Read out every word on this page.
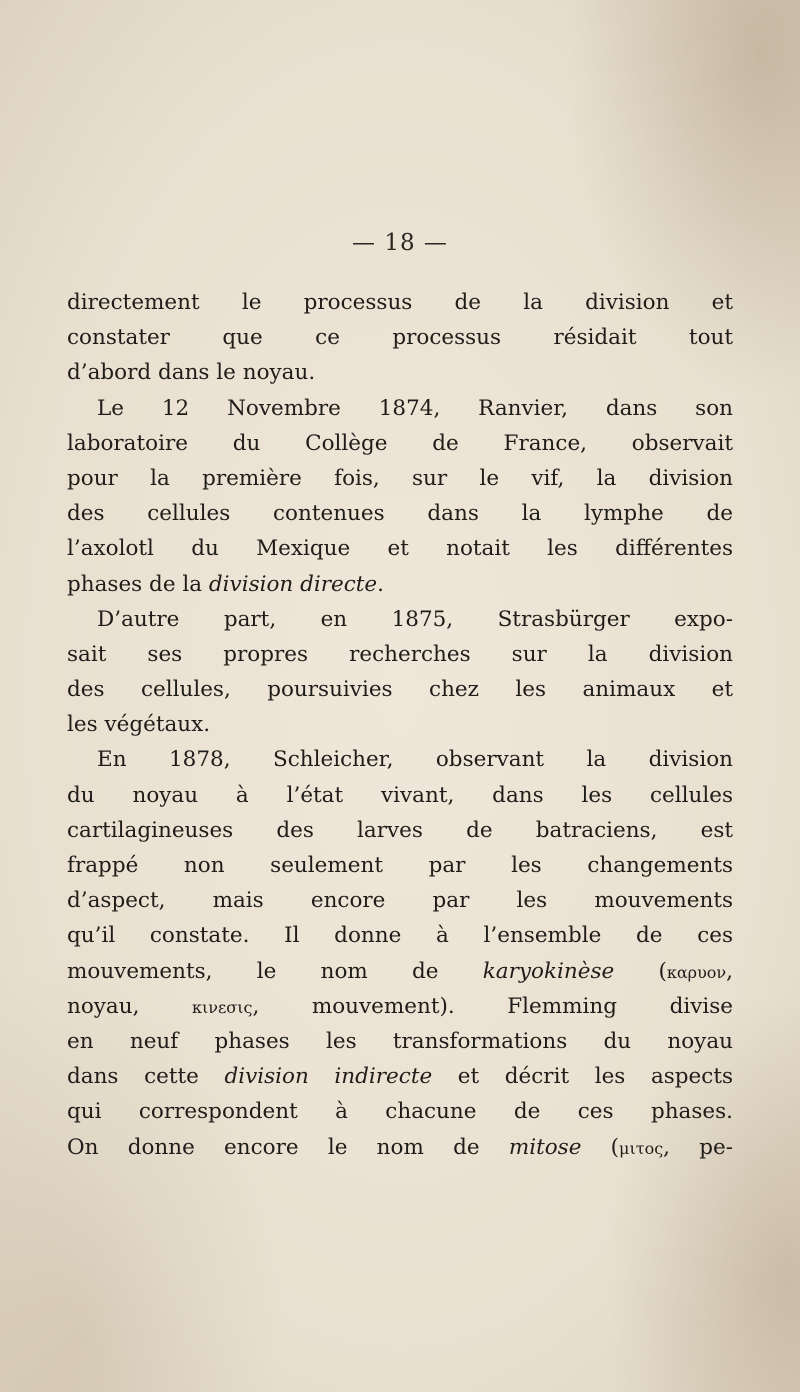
— 18 —
directement le processus de la division et
constater que ce processus résidait tout
d’abord dans le noyau.
Le 12 Novembre 1874, Ranvier, dans son
laboratoire du Collège de France, observait
pour la première fois, sur le vif, la division
des cellules contenues dans la lymphe de
l’axolotl du Mexique et notait les différentes
phases de la division directe.
D’autre part, en 1875, Strasbürger expo-
sait ses propres recherches sur la division
des cellules, poursuivies chez les animaux et
les végétaux.
En 1878, Schleicher, observant la division
du noyau à l’état vivant, dans les cellules
cartilagineuses des larves de batraciens, est
frappé non seulement par les changements
d’aspect, mais encore par les mouvements
qu’il constate. Il donne à l’ensemble de ces
mouvements, le nom de karyokinèse (καρυον,
noyau, κινεσις, mouvement). Flemming divise
en neuf phases les transformations du noyau
dans cette division indirecte et décrit les aspects
qui correspondent à chacune de ces phases.
On donne encore le nom de mitose (μιτος, pe-
